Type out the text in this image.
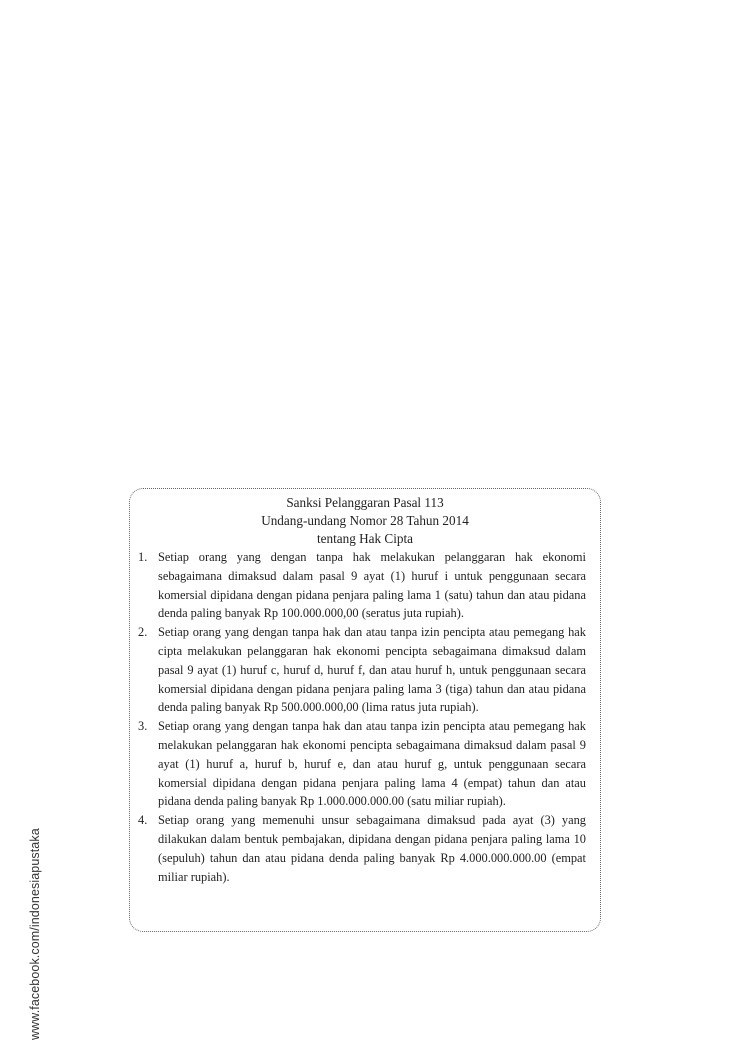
www.facebook.com/indonesiapustaka
Sanksi Pelanggaran Pasal 113
Undang-undang Nomor 28 Tahun 2014
tentang Hak Cipta
1. Setiap orang yang dengan tanpa hak melakukan pelanggaran hak ekonomi sebagaimana dimaksud dalam pasal 9 ayat (1) huruf i untuk penggunaan secara komersial dipidana dengan pidana penjara paling lama 1 (satu) tahun dan atau pidana denda paling banyak Rp 100.000.000,00 (seratus juta rupiah).
2. Setiap orang yang dengan tanpa hak dan atau tanpa izin pencipta atau pemegang hak cipta melakukan pelanggaran hak ekonomi pencipta sebagaimana dimaksud dalam pasal 9 ayat (1) huruf c, huruf d, huruf f, dan atau huruf h, untuk penggunaan secara komersial dipidana dengan pidana penjara paling lama 3 (tiga) tahun dan atau pidana denda paling banyak Rp 500.000.000,00 (lima ratus juta rupiah).
3. Setiap orang yang dengan tanpa hak dan atau tanpa izin pencipta atau pemegang hak melakukan pelanggaran hak ekonomi pencipta sebagaimana dimaksud dalam pasal 9 ayat (1) huruf a, huruf b, huruf e, dan atau huruf g, untuk penggunaan secara komersial dipidana dengan pidana penjara paling lama 4 (empat) tahun dan atau pidana denda paling banyak Rp 1.000.000.000.00 (satu miliar rupiah).
4. Setiap orang yang memenuhi unsur sebagaimana dimaksud pada ayat (3) yang dilakukan dalam bentuk pembajakan, dipidana dengan pidana penjara paling lama 10 (sepuluh) tahun dan atau pidana denda paling banyak Rp 4.000.000.000.00 (empat miliar rupiah).
